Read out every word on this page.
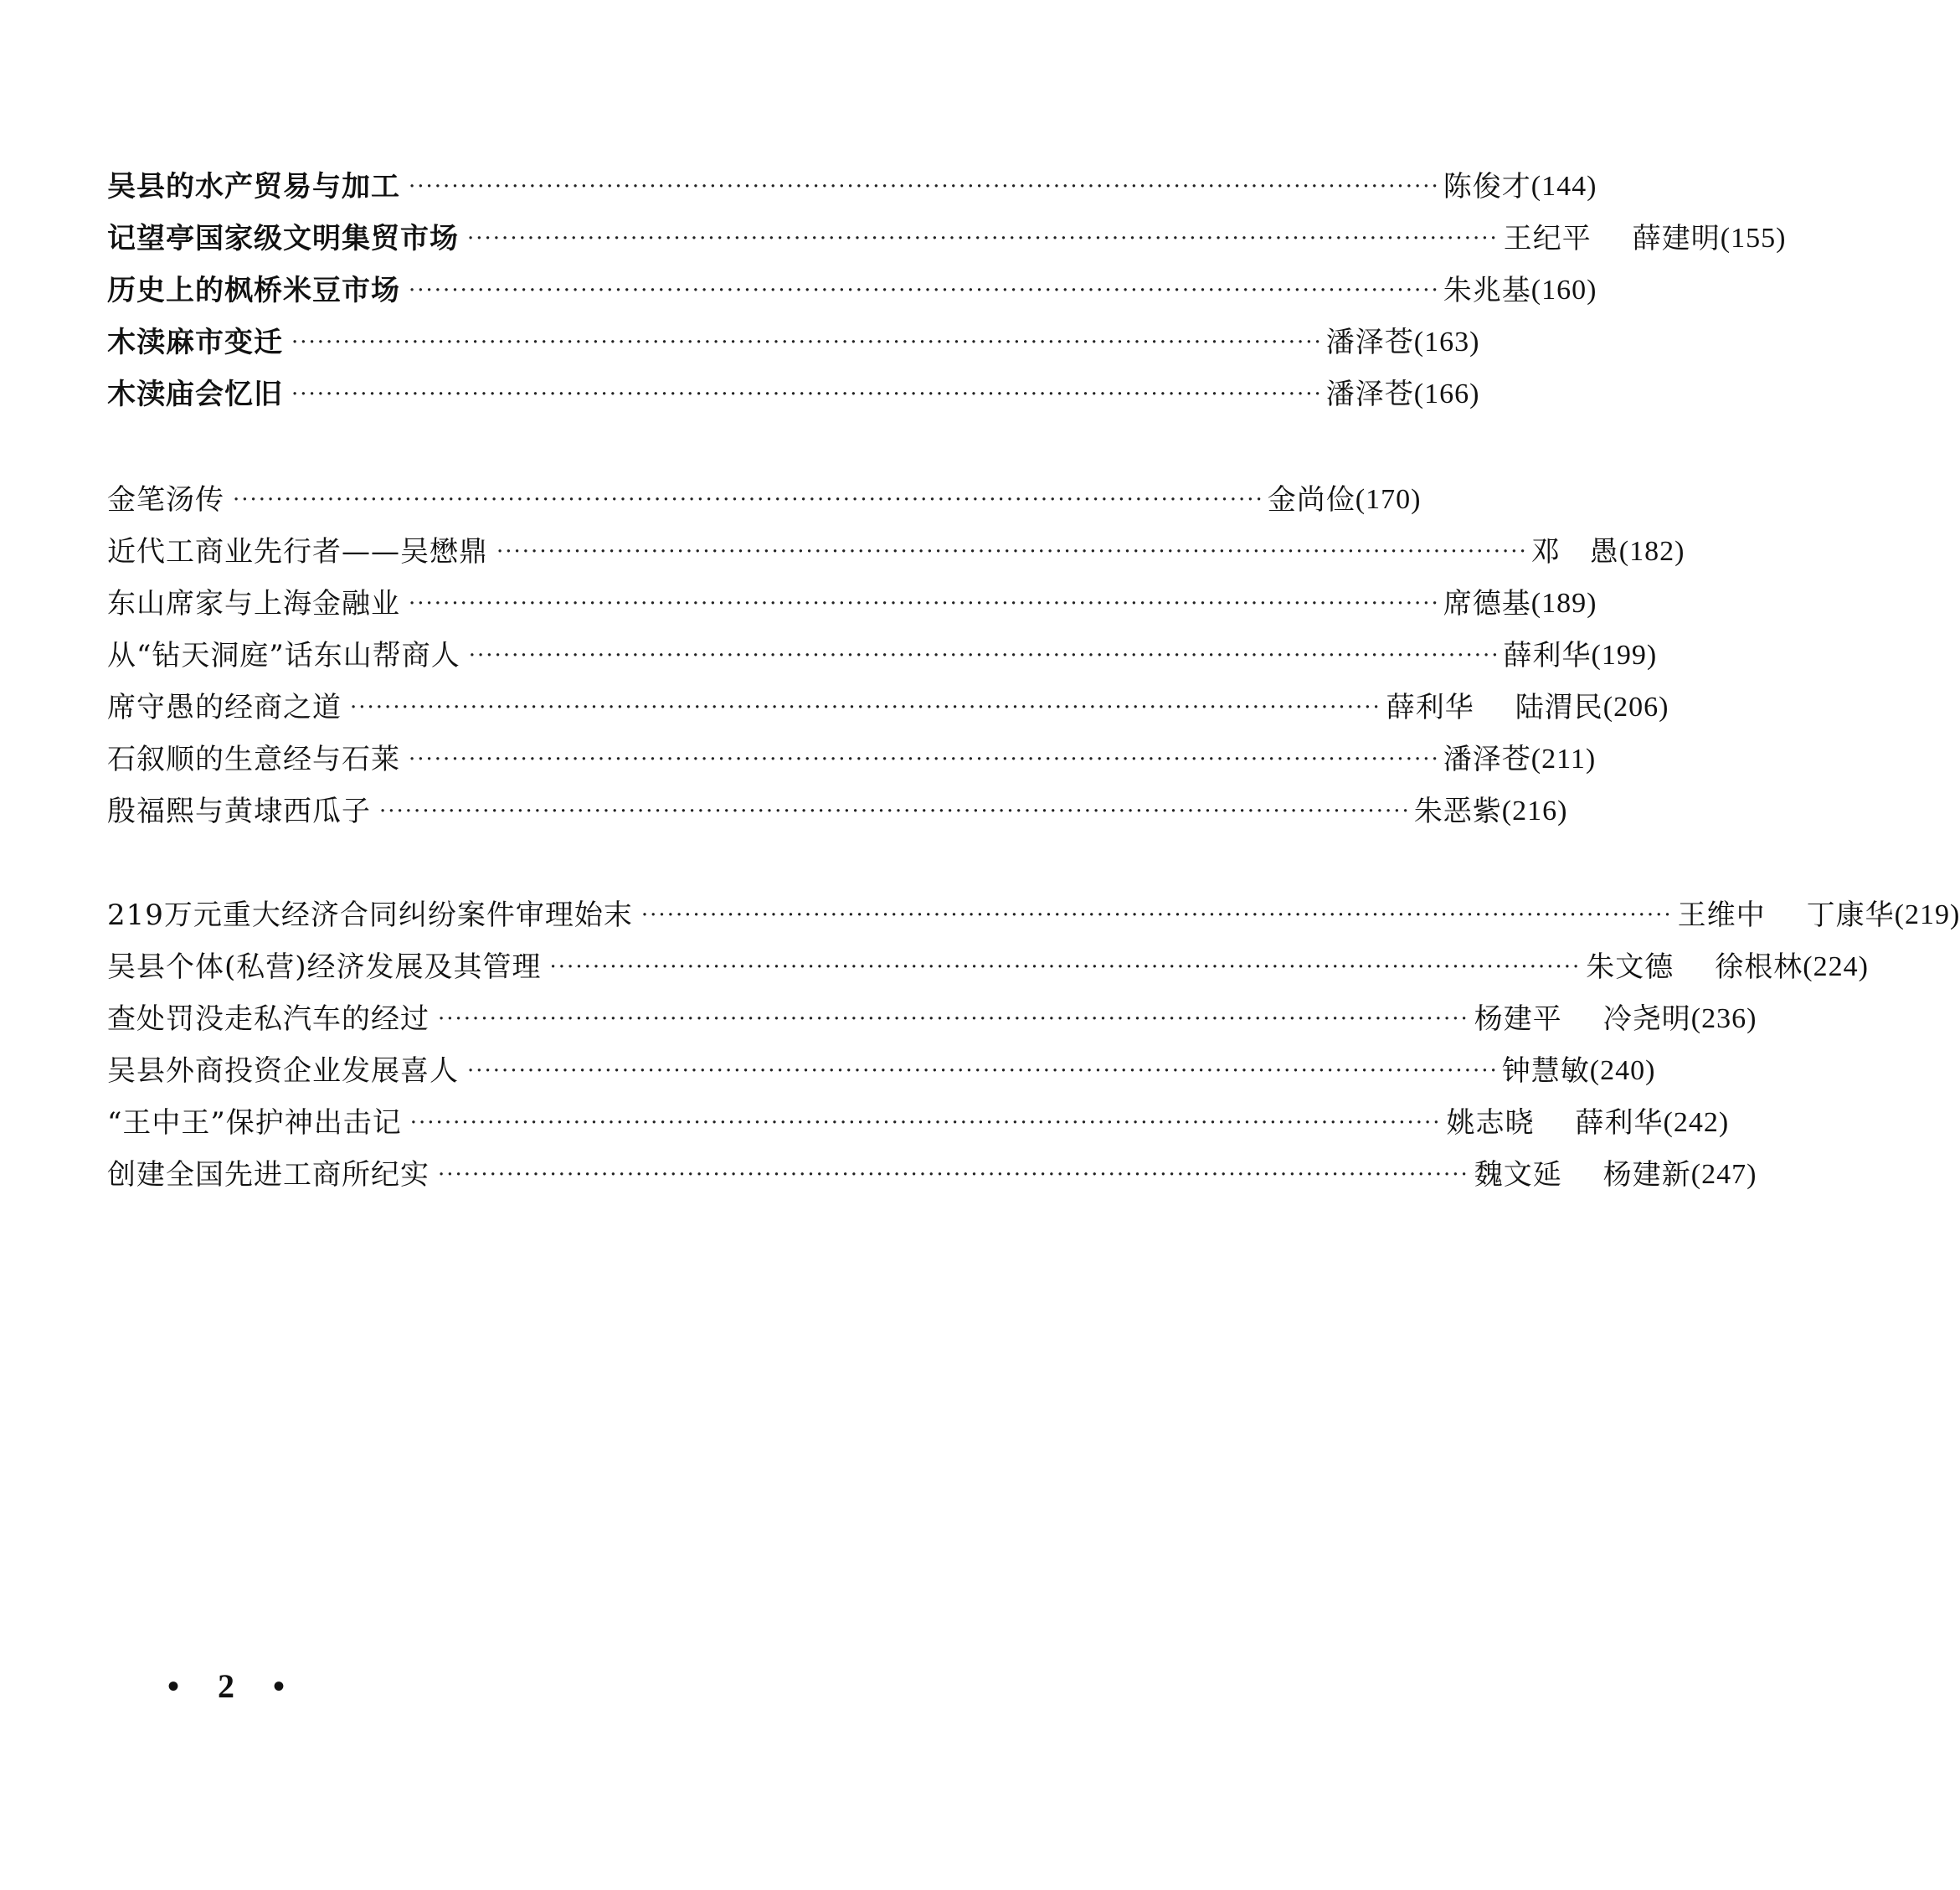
吴县的水产贸易与加工 ························································································································ 陈俊才 (144)
记望亭国家级文明集贸市场 ························································································································ 王纪平	薛建明 (155)
历史上的枫桥米豆市场 ························································································································ 朱兆基 (160)
木渎麻市变迁 ························································································································ 潘泽苍 (163)
木渎庙会忆旧 ························································································································ 潘泽苍 (166)
金笔汤传 ························································································································ 金尚俭 (170)
近代工商业先行者——吴懋鼎 ························································································································ 邓　愚 (182)
东山席家与上海金融业 ························································································································ 席德基 (189)
从“钻天洞庭”话东山帮商人 ························································································································ 薛利华 (199)
席守愚的经商之道 ························································································································ 薛利华	陆渭民 (206)
石叙顺的生意经与石莱 ························································································································ 潘泽苍 (211)
殷福熙与黄埭西瓜子 ························································································································ 朱恶紫 (216)
219万元重大经济合同纠纷案件审理始末 ························································································································ 王维中	丁康华 (219)
吴县个体(私营)经济发展及其管理 ························································································································ 朱文德	徐根林 (224)
查处罚没走私汽车的经过 ························································································································ 杨建平	冷尧明 (236)
吴县外商投资企业发展喜人 ························································································································ 钟慧敏 (240)
“王中王”保护神出击记 ························································································································ 姚志晓	薛利华 (242)
创建全国先进工商所纪实 ························································································································ 魏文延	杨建新 (247)
• 2 •
